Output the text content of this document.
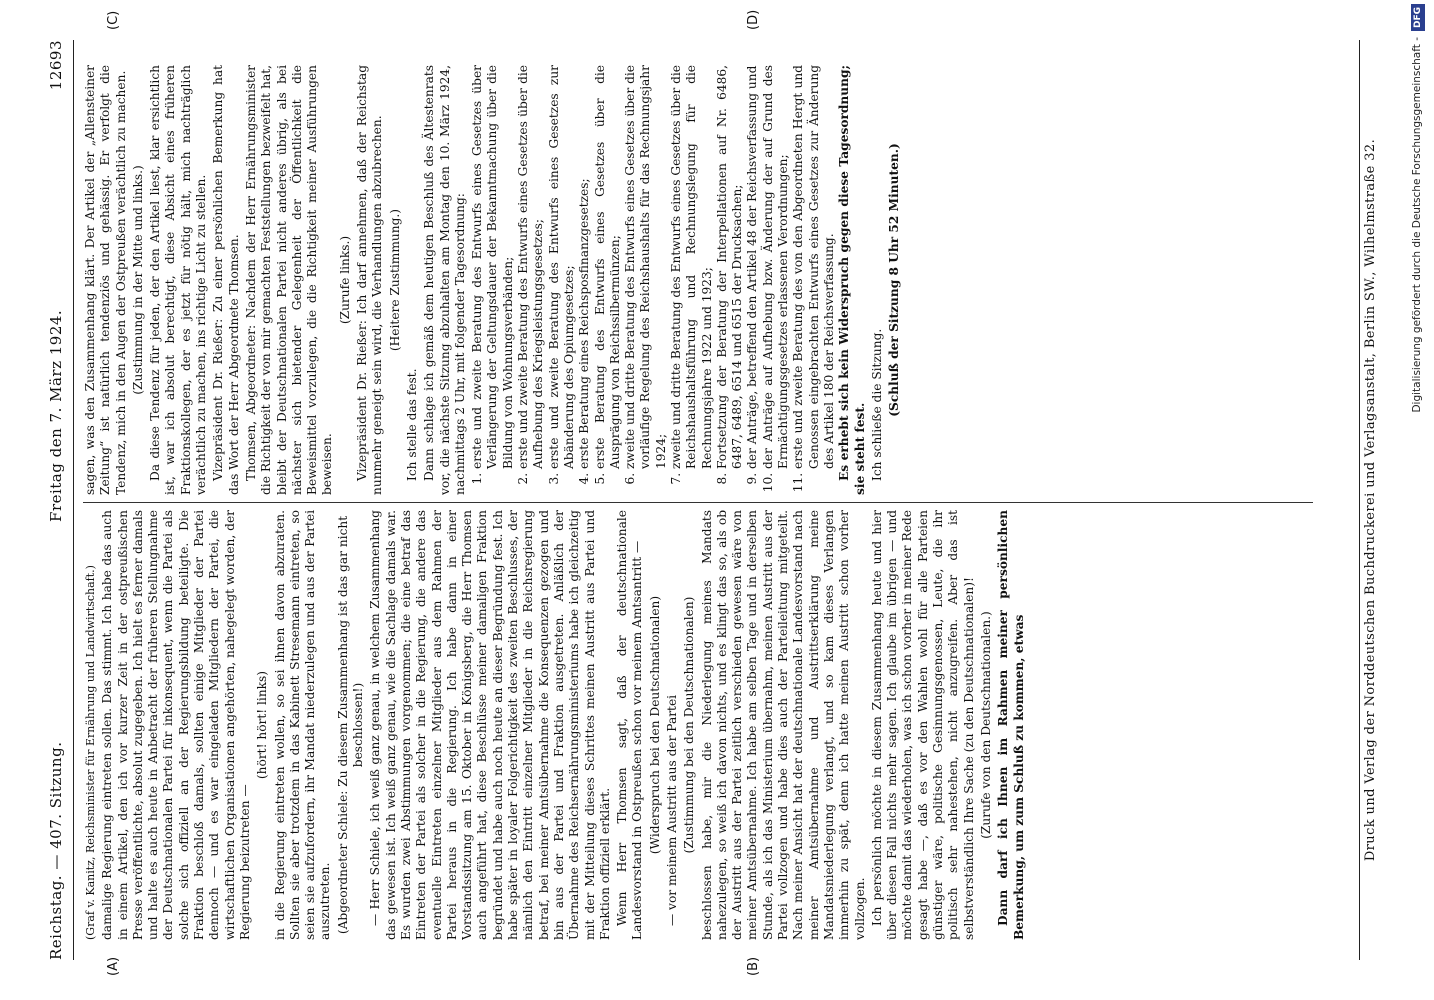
Reichstag. — 407. Sitzung.
Freitag den 7. März 1924.
12693
(A)	(B)
(C)	(D)

(Graf v. Kanitz, Reichsminister für Ernährung und Landwirtschaft.) damalige Regierung eintreten sollen. Das stimmt. Ich habe das auch in einem Artikel, den ich vor kurzer Zeit in der ostpreußischen Presse veröffentlichte, absolut zugegeben. Ich hielt es ferner damals und halte es auch heute in Anbetracht der früheren Stellungnahme der Deutschnationalen Partei für inkonsequent, wenn die Partei als solche sich offiziell an der Regierungsbildung beteiligte. Die Fraktion beschloß damals, sollten einige Mitglieder der Partei dennoch — und es war eingeladen Mitgliedern der Partei, die wirtschaftlichen Organisationen angehörten, nahegelegt worden, der Regierung beizutreten —

(hört! hört! links) in die Regierung eintreten wollen, so sei ihnen davon abzuraten. Sollten sie aber trotzdem in das Kabinett Stresemann eintreten, so seien sie aufzufordern, ihr Mandat niederzulegen und aus der Partei auszutreten. (Abgeordneter Schiele: Zu diesem Zusammenhang ist das gar nicht beschlossen!) — Herr Schiele, ich weiß ganz genau, in welchem Zusammenhang das gewesen ist. Ich weiß ganz genau, wie die Sachlage damals war. Es wurden zwei Abstimmungen vorgenommen; die eine betraf das Eintreten der Partei als solcher in die Regierung, die andere das eventuelle Eintreten einzelner Mitglieder aus dem Rahmen der Partei heraus in die Regierung. Ich habe dann in einer Vorstandssitzung am 15. Oktober in Königsberg, die Herr Thomsen auch angeführt hat, diese Beschlüsse meiner damaligen Fraktion begründet und habe auch noch heute an dieser Begründung fest. Ich habe später in loyaler Folgerichtigkeit des zweiten Beschlusses, der nämlich den Eintritt einzelner Mitglieder in die Reichsregierung betraf, bei meiner Amtsübernahme die Konsequenzen gezogen und bin aus der Partei und Fraktion ausgetreten. Anläßlich der Übernahme des Reichsernährungsministeriums habe ich gleichzeitig mit der Mitteilung dieses Schrittes meinen Austritt aus Partei und Fraktion offiziell erklärt. Wenn Herr Thomsen sagt, daß der deutschnationale Landesvorstand in Ostpreußen schon vor meinem Amtsantritt — (Widerspruch bei den Deutschnationalen) — vor meinem Austritt aus der Partei (Zustimmung bei den Deutschnationalen) beschlossen habe, mir die Niederlegung meines Mandats nahezulegen, so weiß ich davon nichts, und es klingt das so, als ob der Austritt aus der Partei zeitlich verschieden gewesen wäre von meiner Amtsübernahme. Ich habe am selben Tage und in derselben Stunde, als ich das Ministerium übernahm, meinen Austritt aus der Partei vollzogen und habe dies auch der Parteileitung mitgeteilt. Nach meiner Ansicht hat der deutschnationale Landesvorstand nach meiner Amtsübernahme und Austrittserklärung meine Mandatsniederlegung verlangt, und so kam dieses Verlangen immerhin zu spät, denn ich hatte meinen Austritt schon vorher vollzogen. Ich persönlich möchte in diesem Zusammenhang heute und hier über diesen Fall nichts mehr sagen. Ich glaube im übrigen — und möchte damit das wiederholen, was ich schon vorher in meiner Rede gesagt habe —, daß es vor den Wahlen wohl für alle Parteien günstiger wäre, politische Gesinnungsgenossen, Leute, die ihr politisch sehr nahestehen, nicht anzugreifen. Aber das ist selbstverständlich Ihre Sache (zu den Deutschnationalen)! (Zurufe von den Deutschnationalen.) Dann darf ich Ihnen im Rahmen meiner persönlichen Bemerkung, um zum Schluß zu kommen, etwas

sagen, was den Zusammenhang klärt. Der Artikel der „Allensteiner Zeitung“ ist natürlich tendenziös und gehässig. Er verfolgt die Tendenz, mich in den Augen der Ostpreußen verächtlich zu machen. (Zustimmung in der Mitte und links.) Da diese Tendenz für jeden, der den Artikel liest, klar ersichtlich ist, war ich absolut berechtigt, diese Absicht eines früheren Fraktionskollegen, der es jetzt für nötig hält, mich nachträglich verächtlich zu machen, ins richtige Licht zu stellen. Vizepräsident Dr. Rießer: Zu einer persönlichen Bemerkung hat das Wort der Herr Abgeordnete Thomsen. Thomsen, Abgeordneter: Nachdem der Herr Ernährungsminister die Richtigkeit der von mir gemachten Feststellungen bezweifelt hat, bleibt der Deutschnationalen Partei nicht anderes übrig, als bei nächster sich bietender Gelegenheit der Öffentlichkeit die Beweismittel vorzulegen, die die Richtigkeit meiner Ausführungen beweisen.

(Zurufe links.) Vizepräsident Dr. Rießer: Ich darf annehmen, daß der Reichstag nunmehr geneigt sein wird, die Verhandlungen abzubrechen. (Heitere Zustimmung.)

Ich stelle das fest. Dann schlage ich gemäß dem heutigen Beschluß des Ältestenrats vor, die nächste Sitzung abzuhalten am Montag den 10. März 1924, nachmittags 2 Uhr, mit folgender Tagesordnung: 1. erste und zweite Beratung des Entwurfs eines Gesetzes über Verlängerung der Geltungsdauer der Bekanntmachung über die Bildung von Wohnungsverbänden; 2. erste und zweite Beratung des Entwurfs eines Gesetzes über die Aufhebung des Kriegsleistungsgesetzes; 3. erste und zweite Beratung des Entwurfs eines Gesetzes zur Abänderung des Opiumgesetzes; 4. erste Beratung eines Reichsposfinanzgesetzes; 5. erste Beratung des Entwurfs eines Gesetzes über die Ausprägung von Reichssilbermünzen; 6. zweite und dritte Beratung des Entwurfs eines Gesetzes über die vorläufige Regelung des Reichshaushalts für das Rechnungsjahr 1924; 7. zweite und dritte Beratung des Entwurfs eines Gesetzes über die Reichshaushaltsführung und Rechnungslegung für die Rechnungsjahre 1922 und 1923; 8. Fortsetzung der Beratung der Interpellationen auf Nr. 6486, 6487, 6489, 6514 und 6515 der Drucksachen; 9. der Anträge, betreffend den Artikel 48 der Reichsverfassung und 10. der Anträge auf Aufhebung bzw. Änderung der auf Grund des Ermächtigungsgesetzes erlassenen Verordnungen; 11. erste und zweite Beratung des von den Abgeordneten Hergt und Genossen eingebrachten Entwurfs eines Gesetzes zur Änderung des Artikel 180 der Reichsverfassung. Es erhebt sich kein Widerspruch gegen diese Tagesordnung; sie steht fest. Ich schließe die Sitzung. (Schluß der Sitzung 8 Uhr 52 Minuten.)	Druck und Verlag der Norddeutschen Buchdruckerei und Verlagsanstalt, Berlin SW., Wilhelmstraße 32.	Digitalisierung gefördert durch die Deutsche Forschungsgemeinschaft -DFG
